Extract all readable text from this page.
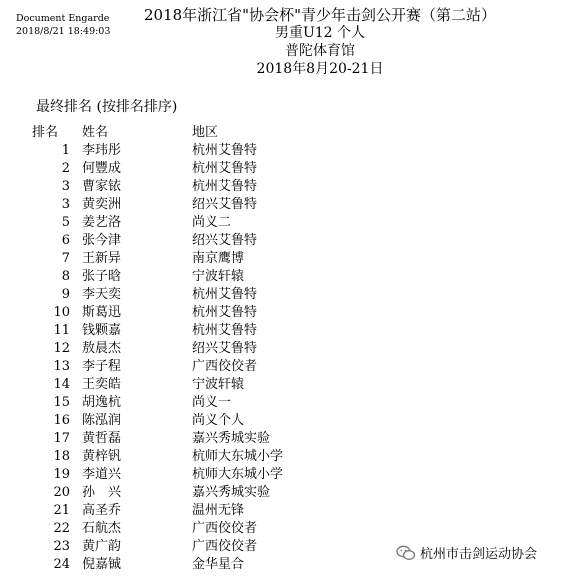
Document Engarde
2018/8/21 18:49:03
2018年浙江省"协会杯"青少年击剑公开赛（第二站）
男重U12 个人
普陀体育馆
2018年8月20-21日
最终排名 (按排名排序)
排名	姓名	地区
1	李玮彤	杭州艾鲁特
2	何豐成	杭州艾鲁特
3	曹家铱	杭州艾鲁特
3	黄奕洲	绍兴艾鲁特
5	姜艺洛	尚义二
6	张今津	绍兴艾鲁特
7	王新异	南京鹰博
8	张子晗	宁波轩辕
9	李天奕	杭州艾鲁特
10	斯葛迅	杭州艾鲁特
11	钱颗嘉	杭州艾鲁特
12	敖晨杰	绍兴艾鲁特
13	李子程	广西佼佼者
14	王奕皓	宁波轩辕
15	胡逸杭	尚义一
16	陈泓润	尚义个人
17	黄哲磊	嘉兴秀城实验
18	黄梓钒	杭师大东城小学
19	李道兴	杭师大东城小学
20	孙　兴	嘉兴秀城实验
21	高圣乔	温州无锋
22	石航杰	广西佼佼者
23	黄广韵	广西佼佼者
24	倪嘉铖	金华星合
杭州市击剑运动协会
